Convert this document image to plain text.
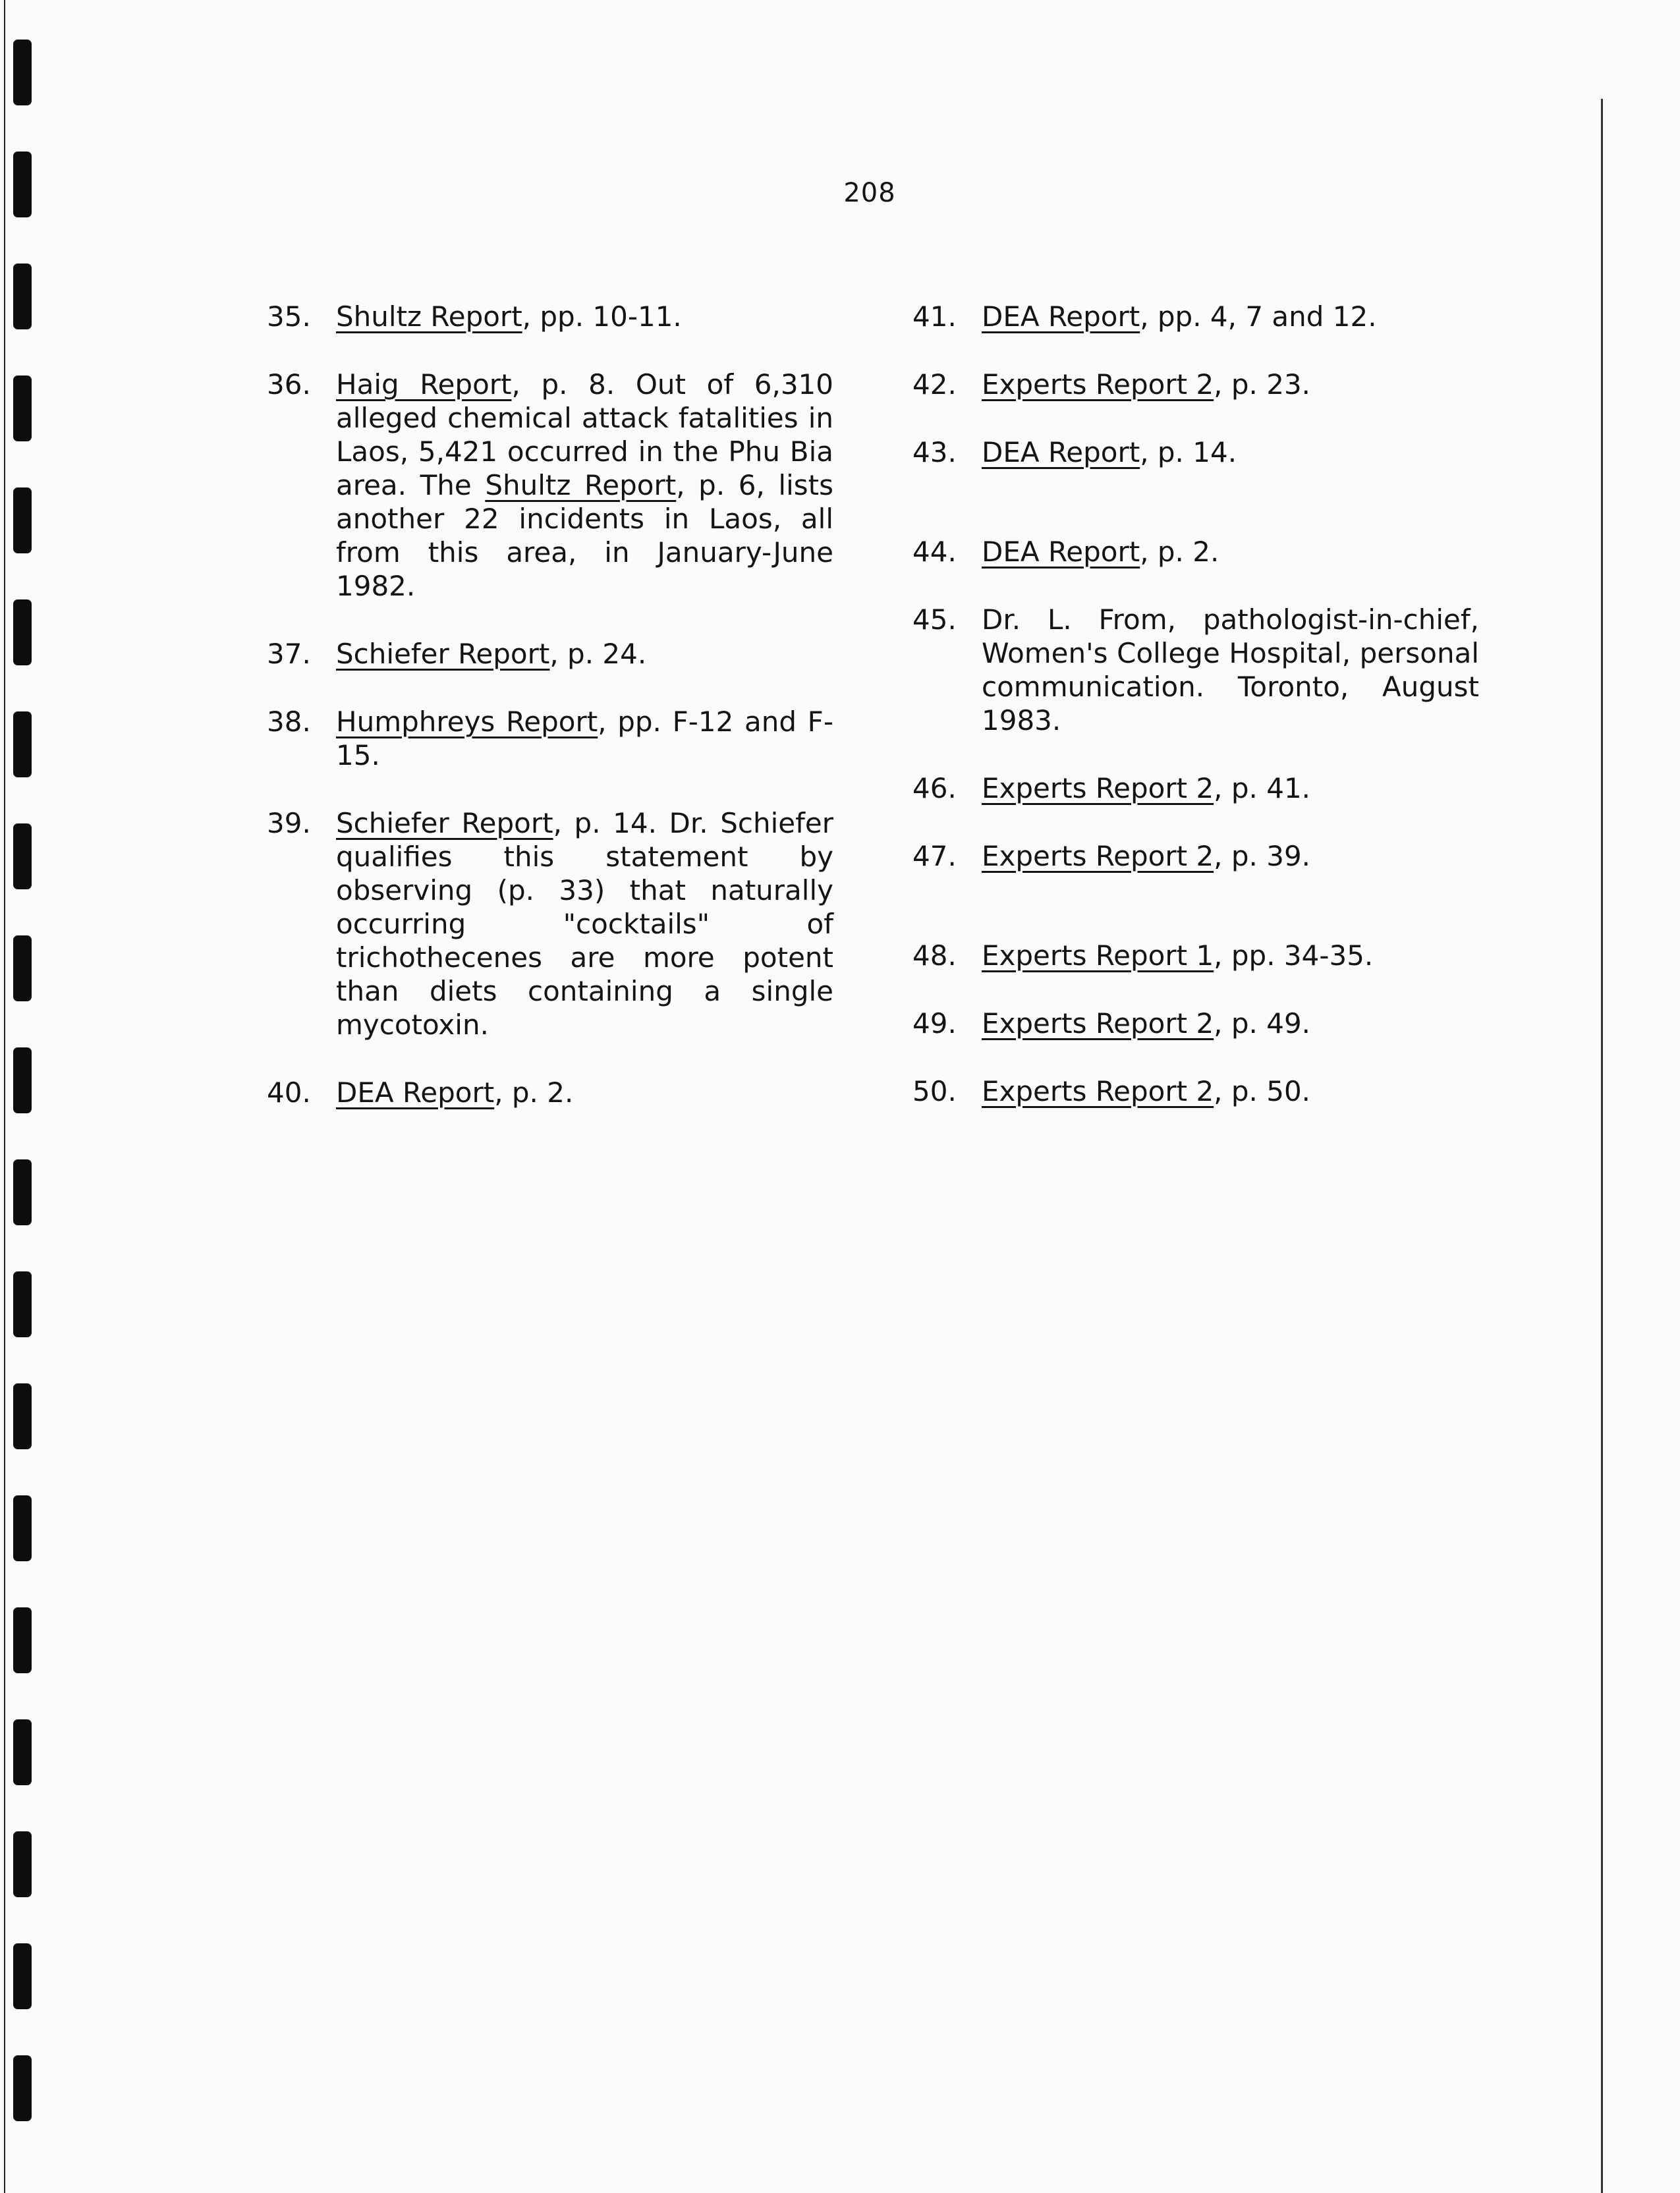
208
35. Shultz Report, pp. 10-11.
36. Haig Report, p. 8. Out of 6,310 alleged chemical attack fatalities in Laos, 5,421 occurred in the Phu Bia area. The Shultz Report, p. 6, lists another 22 incidents in Laos, all from this area, in January-June 1982.
37. Schiefer Report, p. 24.
38. Humphreys Report, pp. F-12 and F-15.
39. Schiefer Report, p. 14. Dr. Schiefer qualifies this statement by observing (p. 33) that naturally occurring "cocktails" of trichothecenes are more potent than diets containing a single mycotoxin.
40. DEA Report, p. 2.
41. DEA Report, pp. 4, 7 and 12.
42. Experts Report 2, p. 23.
43. DEA Report, p. 14.
44. DEA Report, p. 2.
45. Dr. L. From, pathologist-in-chief, Women's College Hospital, personal communication. Toronto, August 1983.
46. Experts Report 2, p. 41.
47. Experts Report 2, p. 39.
48. Experts Report 1, pp. 34-35.
49. Experts Report 2, p. 49.
50. Experts Report 2, p. 50.
